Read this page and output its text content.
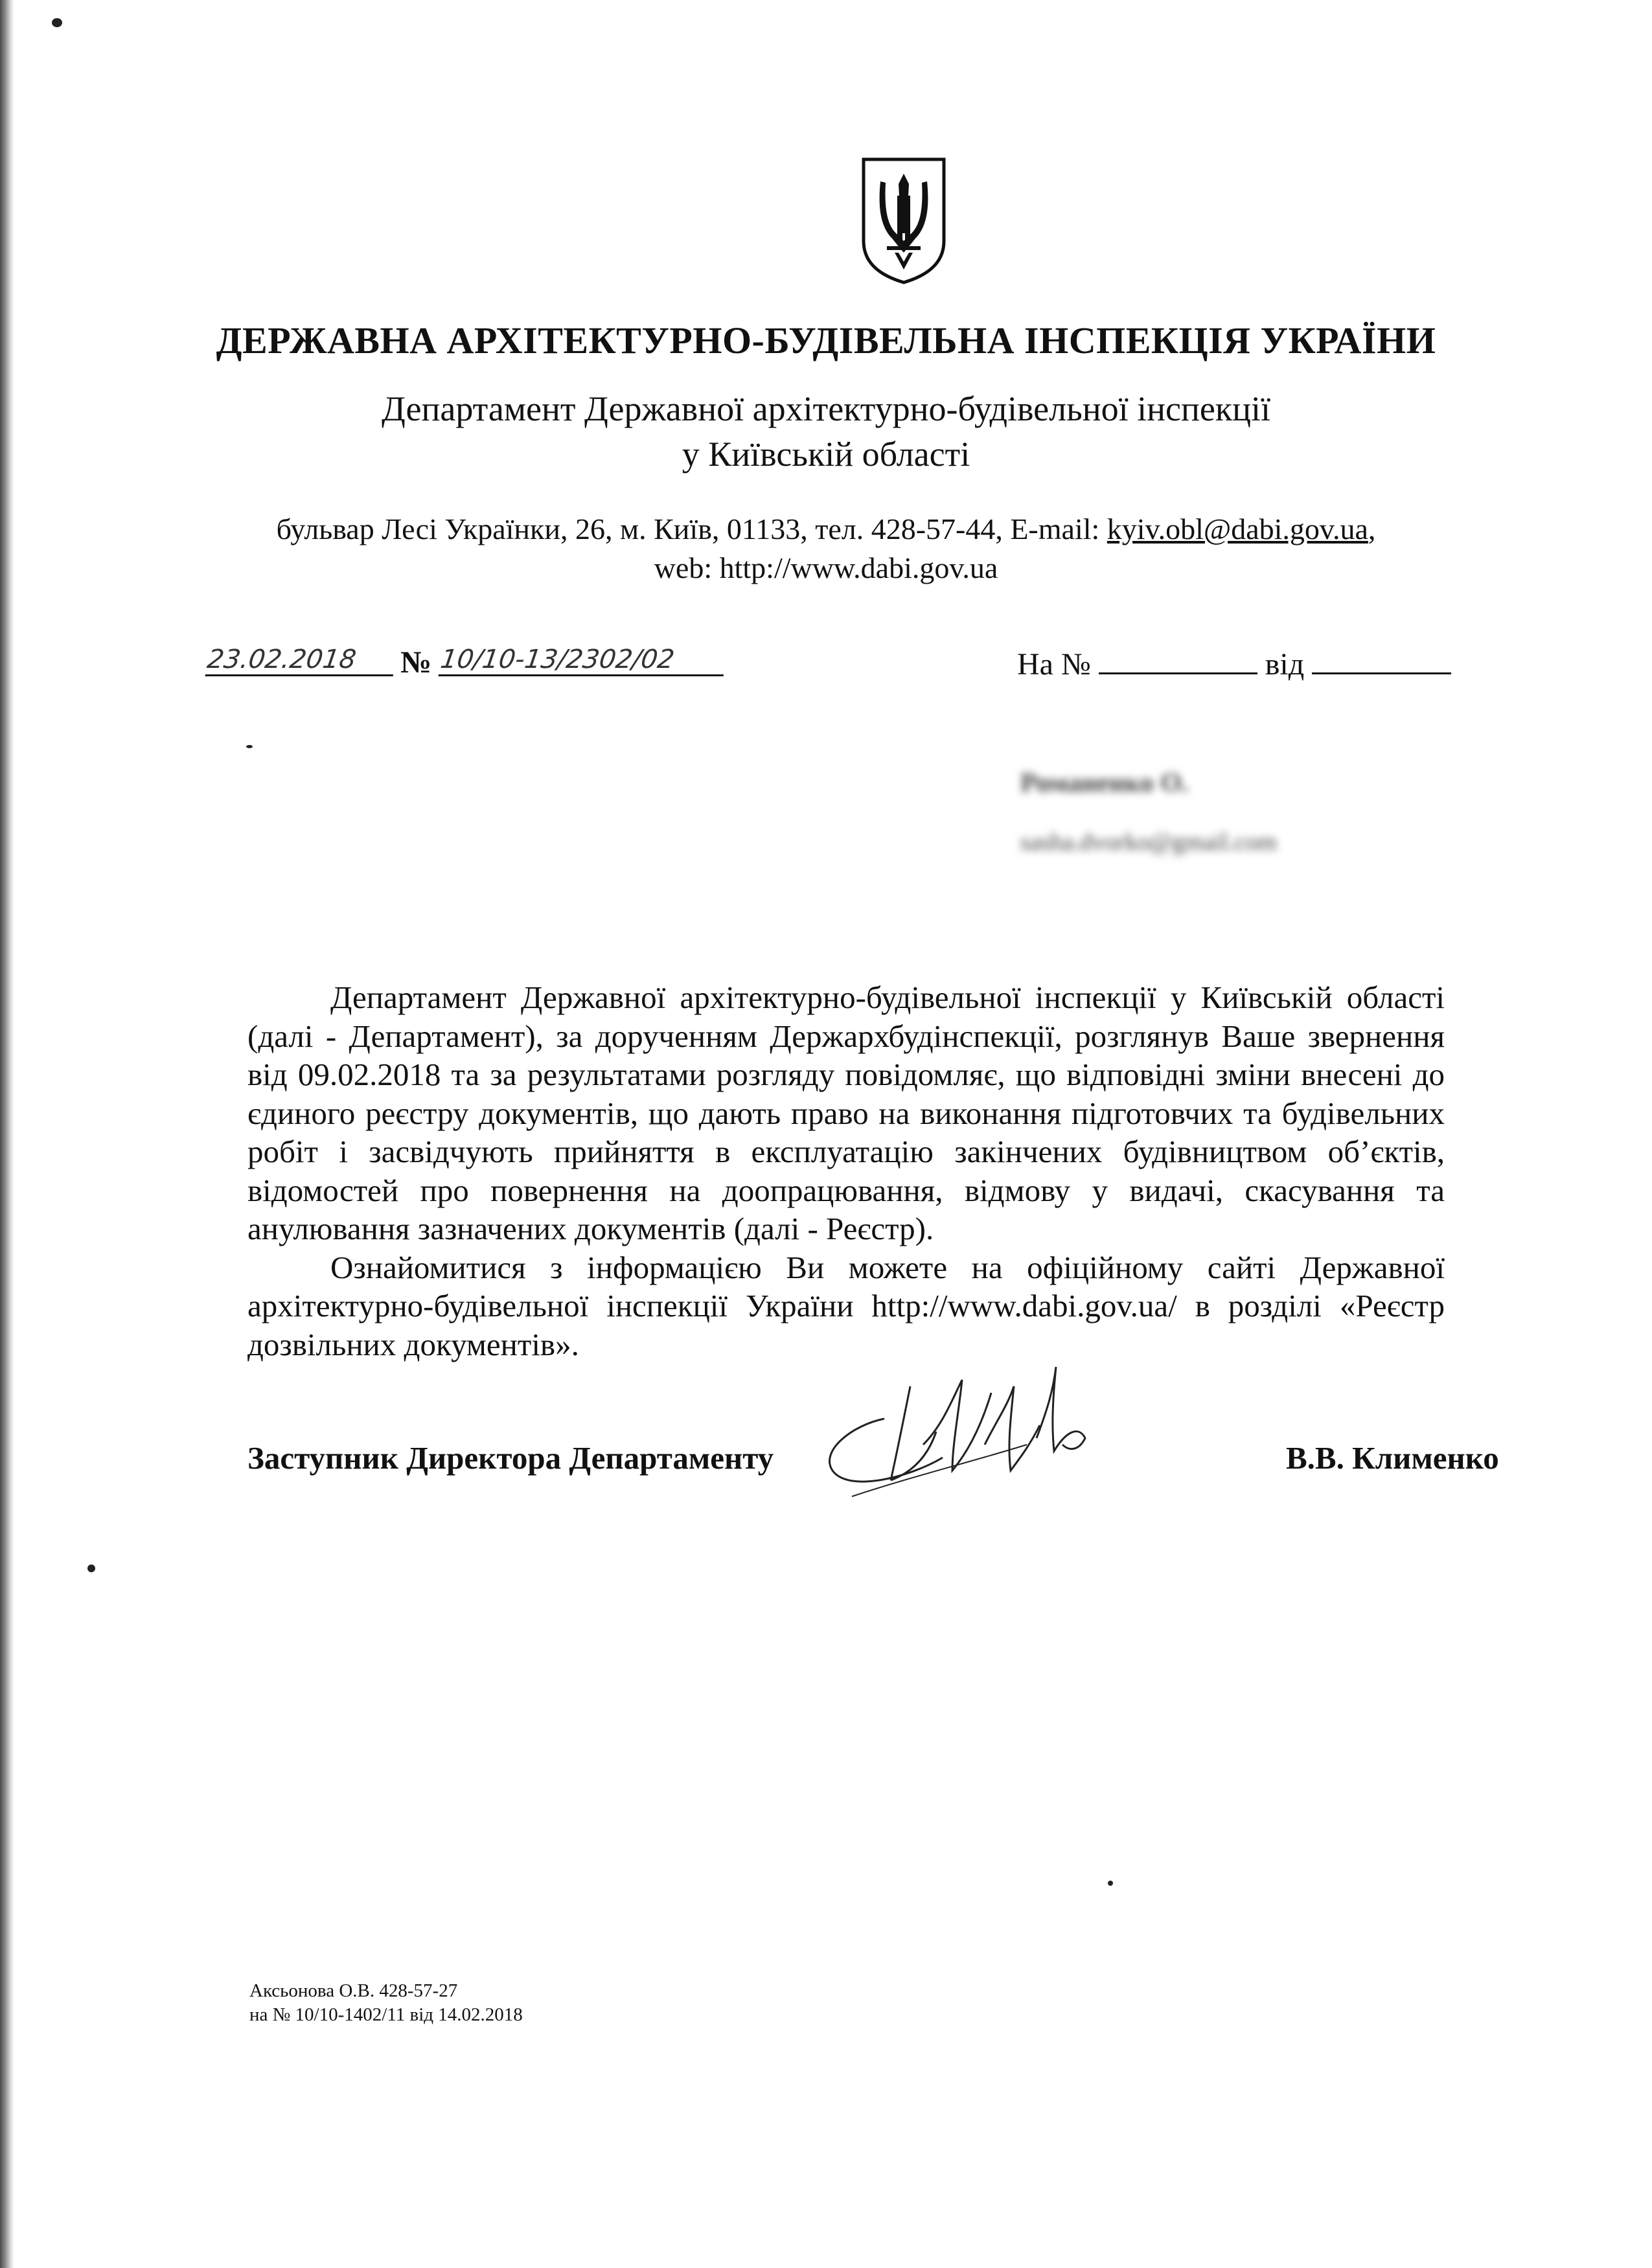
ДЕРЖАВНА АРХІТЕКТУРНО-БУДІВЕЛЬНА ІНСПЕКЦІЯ УКРАЇНИ
Департамент Державної архітектурно-будівельної інспекції
у Київській області
бульвар Лесі Українки, 26, м. Київ, 01133, тел. 428-57-44, E-mail: kyiv.obl@dabi.gov.ua,
web: http://www.dabi.gov.ua
23.02.2018	№ 10/10-13/2302/02	На №	від
Романенко О.
sasha.dvorko@gmail.com

Департамент Державної архітектурно-будівельної інспекції у Київській області (далі - Департамент), за дорученням Держархбудінспекції, розглянув Ваше звернення від 09.02.2018 та за результатами розгляду повідомляє, що відповідні зміни внесені до єдиного реєстру документів, що дають право на виконання підготовчих та будівельних робіт і засвідчують прийняття в експлуатацію закінчених будівництвом об’єктів, відомостей про повернення на доопрацювання, відмову у видачі, скасування та анулювання зазначених документів (далі - Реєстр).

Ознайомитися з інформацією Ви можете на офіційному сайті Державної архітектурно-будівельної інспекції України http://www.dabi.gov.ua/ в розділі «Реєстр дозвільних документів».

Заступник Директора Департаменту	В.В. Клименко
Аксьонова О.В. 428-57-27
на № 10/10-1402/11 від 14.02.2018
